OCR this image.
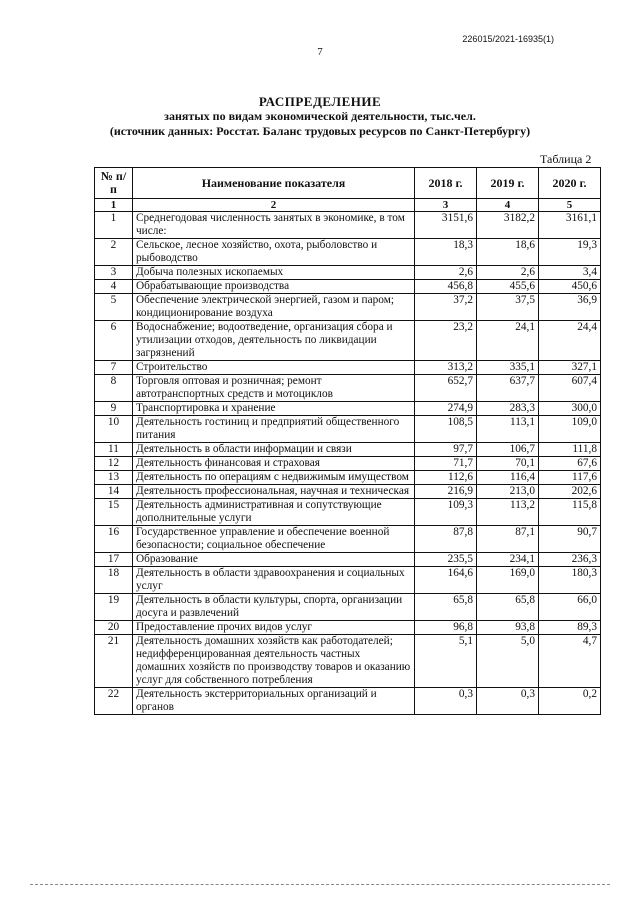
226015/2021-16935(1)
7
РАСПРЕДЕЛЕНИЕ
занятых по видам экономической деятельности, тыс.чел.
(источник данных: Росстат. Баланс трудовых ресурсов по Санкт-Петербургу)
Таблица 2
№ п/п	Наименование показателя	2018 г.	2019 г.	2020 г.
1	2	3	4	5
1	Среднегодовая численность занятых в экономике, в том числе:	3151,6	3182,2	3161,1
2	Сельское, лесное хозяйство, охота, рыболовство и рыбоводство	18,3	18,6	19,3
3	Добыча полезных ископаемых	2,6	2,6	3,4
4	Обрабатывающие производства	456,8	455,6	450,6
5	Обеспечение электрической энергией, газом и паром; кондиционирование воздуха	37,2	37,5	36,9
6	Водоснабжение; водоотведение, организация сбора и утилизации отходов, деятельность по ликвидации загрязнений	23,2	24,1	24,4
7	Строительство	313,2	335,1	327,1
8	Торговля оптовая и розничная; ремонт автотранспортных средств и мотоциклов	652,7	637,7	607,4
9	Транспортировка и хранение	274,9	283,3	300,0
10	Деятельность гостиниц и предприятий общественного питания	108,5	113,1	109,0
11	Деятельность в области информации и связи	97,7	106,7	111,8
12	Деятельность финансовая и страховая	71,7	70,1	67,6
13	Деятельность по операциям с недвижимым имуществом	112,6	116,4	117,6
14	Деятельность профессиональная, научная и техническая	216,9	213,0	202,6
15	Деятельность административная и сопутствующие дополнительные услуги	109,3	113,2	115,8
16	Государственное управление и обеспечение военной безопасности; социальное обеспечение	87,8	87,1	90,7
17	Образование	235,5	234,1	236,3
18	Деятельность в области здравоохранения и социальных услуг	164,6	169,0	180,3
19	Деятельность в области культуры, спорта, организации досуга и развлечений	65,8	65,8	66,0
20	Предоставление прочих видов услуг	96,8	93,8	89,3
21	Деятельность домашних хозяйств как работодателей; недифференцированная деятельность частных домашних хозяйств по производству товаров и оказанию услуг для собственного потребления	5,1	5,0	4,7
22	Деятельность экстерриториальных организаций и органов	0,3	0,3	0,2
